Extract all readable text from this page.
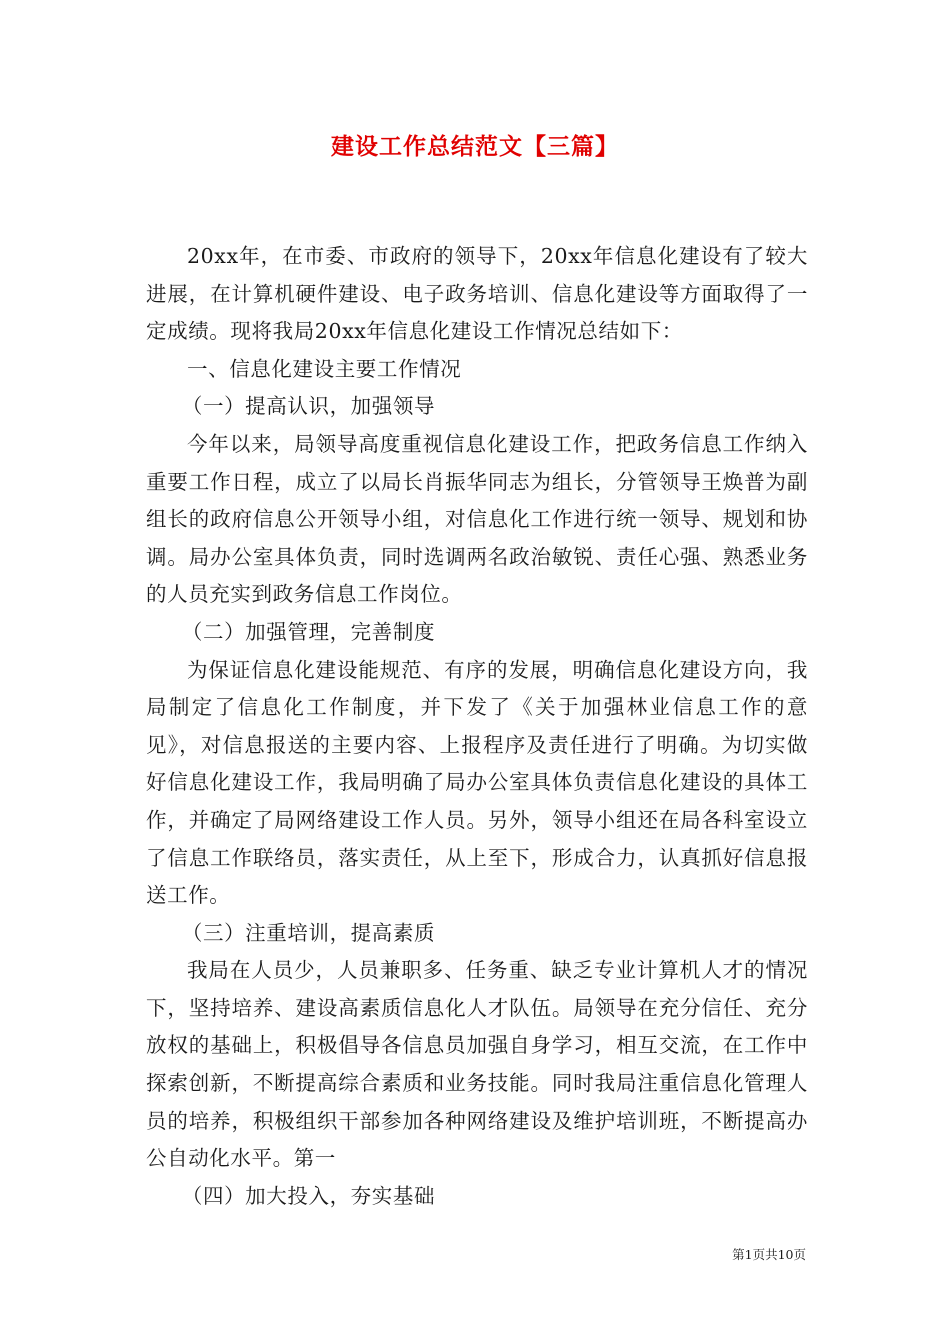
建设工作总结范文【三篇】

20xx年，在市委、市政府的领导下，20xx年信息化建设有了较大进展，在计算机硬件建设、电子政务培训、信息化建设等方面取得了一定成绩。现将我局20xx年信息化建设工作情况总结如下：

一、信息化建设主要工作情况

（一）提高认识，加强领导

今年以来，局领导高度重视信息化建设工作，把政务信息工作纳入重要工作日程，成立了以局长肖振华同志为组长，分管领导王焕普为副组长的政府信息公开领导小组，对信息化工作进行统一领导、规划和协调。局办公室具体负责，同时选调两名政治敏锐、责任心强、熟悉业务的人员充实到政务信息工作岗位。

（二）加强管理，完善制度

为保证信息化建设能规范、有序的发展，明确信息化建设方向，我局制定了信息化工作制度，并下发了《关于加强林业信息工作的意见》，对信息报送的主要内容、上报程序及责任进行了明确。为切实做好信息化建设工作，我局明确了局办公室具体负责信息化建设的具体工作，并确定了局网络建设工作人员。另外，领导小组还在局各科室设立了信息工作联络员，落实责任，从上至下，形成合力，认真抓好信息报送工作。

（三）注重培训，提高素质

我局在人员少，人员兼职多、任务重、缺乏专业计算机人才的情况下，坚持培养、建设高素质信息化人才队伍。局领导在充分信任、充分放权的基础上，积极倡导各信息员加强自身学习，相互交流，在工作中探索创新，不断提高综合素质和业务技能。同时我局注重信息化管理人员的培养，积极组织干部参加各种网络建设及维护培训班，不断提高办公自动化水平。第一

（四）加大投入，夯实基础

第1页共10页
